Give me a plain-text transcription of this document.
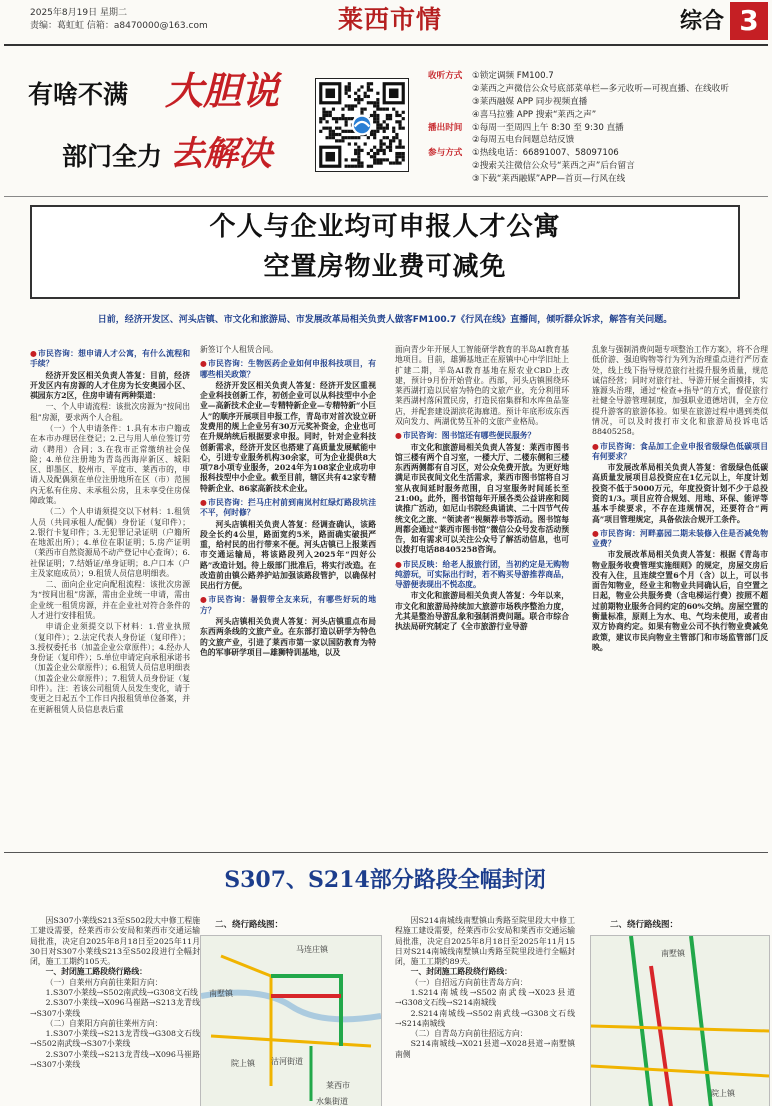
2025年8月19日 星期二
责编：葛虹虹 信箱：a8470000@163.com	莱西市情	综合 3
有啥不满 大胆说
部门全力 去解决
收听方式	①锁定调频 FM100.7
②莱西之声微信公众号底部菜单栏—多元收听—可视直播、在线收听
③莱西融媒 APP 同步视频直播
④喜马拉雅 APP 搜索“莱西之声”
播出时间	①每周一至周四上午 8:30 至 9:30 直播
②每周五电台间题总结反馈
参与方式	①热线电话：66891007、58097106
②搜索关注微信公众号“莱西之声”后台留言
③下载“莱西融媒”APP—首页—行风在线
个人与企业均可申报人才公寓
空置房物业费可减免
日前，经济开发区、河头店镇、市文化和旅游局、市发展改革局相关负责人做客FM100.7《行风在线》直播间，倾听群众诉求，解答有关问题。

● 市民咨询：想申请人才公寓，有什么流程和手续？

经济开发区相关负责人答复：目前，经济开发区内有房源的人才住房为长安奥园小区、祺园东方2区，住房申请有两种渠道：

一、个人申请流程：该批次房源为“按间出租”房源，要求两个人合租。

（一）个人申请条件：1.具有本市户籍或在本市办理居住登记；2.已与用人单位签订劳动（聘用）合同；3.在我市正常缴纳社会保险；4.单位注册地为青岛西海岸新区、城阳区、即墨区、胶州市、平度市、莱西市的，申请人及配偶须在单位注册地所在区（市）范围内无私有住房、未承租公房，且未享受住房保障政策。

（二）个人申请须提交以下材料：1.租赁人员（共同承租人/配偶）身份证（复印件）；2.银行卡复印件；3.无犯罪记录证明（户籍所在地派出所）；4.单位在职证明；5.房产证明（莱西市自然资源局不动产登记中心查询）；6.社保证明；7.结婚证/单身证明；8.户口本（户主及家庭成员）；9.租赁人员信息明细表。

二、面向企业定向配租流程：该批次房源为“按间出租”房源，需由企业统一申请，需由企业统一租赁房源，并在企业社对符合条件的人才进行安排租赁。

申请企业须提交以下材料：1.营业执照（复印件）；2.法定代表人身份证（复印件）；3.授权委托书（加盖企业公章原件）；4.经办人身份证（复印件）；5.单位申请定向承租承诺书（加盖企业公章原件）；6.租赁人员信息明细表（加盖企业公章原件）；7.租赁人员身份证（复印件）。注：若该公司租赁人员发生变化，请于变更之日起五个工作日内报租赁单位备案，并在更新租赁人员信息表后重

新签订个人租赁合同。

● 市民咨询：生物医药企业如何申报科技项目，有哪些相关政策？

经济开发区相关负责人答复：经济开发区重视企业科技创新工作，初创企业可以从科技型中小企业—高新技术企业—专精特新企业—专精特新“小巨人”的顺序开展项目申报工作，青岛市对首次设立研发费用的规上企业另有30万元奖补资金，企业也可在升规纳统后根据要求申报。同时，针对企业科技创新需求，经济开发区也搭建了高质量发展赋能中心，引进专业服务机构30余家，可为企业提供8大项78小项专业服务，2024年为108家企业成功申报科技型中小企业。截至目前，辖区共有42家专精特新企业、86家高新技术企业。

● 市民咨询：拦马庄村前到南岚村红绿灯路段坑洼不平，何时修？

河头店镇相关负责人答复：经调查确认，该路段全长约4公里，路面宽约5米，路面确实破损严重，给村民的出行带来不便。河头店镇已上报莱西市交通运输局，将该路段列入2025年“四好公路”改造计划。待上级部门批准后，将实行改造。在改造前由镇公路养护站加强该路段管护，以确保村民出行方便。

● 市民咨询：暑假带全友来玩，有哪些好玩的地方？

河头店镇相关负责人答复：河头店镇重点布局东西两条线的文旅产业。在东部打造以研学为特色的文旅产业，引进了莱西市第一家以国防教育为特色的军事研学项目—雄狮特训基地，以及

面向青少年开展人工智能研学教育的半岛AI教育基地项目。目前，雄狮基地正在原镇中心中学旧址上扩建二期，半岛AI教育基地在原农业CBD上改建，预计9月份开始营业。西部，河头店镇围绕环莱西湖打造以民宿为特色的文旅产业，充分利用环莱西湖村落闲置民房，打造民宿集群和水库鱼品鉴店，并配套建设湖滨花海廊道。预计年底形成东西双向发力、两湖优势互补的文旅产业格局。

● 市民咨询：图书馆还有哪些便民服务？

市文化和旅游局相关负责人答复：莱西市图书馆三楼有两个自习室，一楼大厅、二楼东侧和三楼东西两侧都有自习区，对公众免费开放。为更好地满足市民夜间文化生活需求，莱西市图书馆将自习室从夜间延时服务范围，自习室服务时间延长至21:00。此外，图书馆每年开展各类公益讲座和阅读推广活动，如尼山书院经典诵读、二十四节气传统文化之旅、“领读者”视频荐书等活动。图书馆每周都会通过“莱西市图书馆”微信公众号发布活动预告，如有需求可以关注公众号了解活动信息，也可以拨打电话88405258咨询。

● 市民反映：给老人报旅行团，当初约定是无购物纯游玩，可实际出行时，若不购买导游推荐商品，导游便表现出不悦态度。

市文化和旅游局相关负责人答复：今年以来，市文化和旅游局持续加大旅游市场秩序整治力度，尤其是整治导游乱象和强制消费问题。联合市综合执法局研究制定了《全市旅游行业导游

乱象与强制消费问题专项整治工作方案》，将不合理低价游、强迫购物等行为列为治理重点进行严厉查处，线上线下指导规范旅行社提升服务质量，规范诚信经营；同时对旅行社、导游开展全面摸排，实施源头治理，通过“检查+指导”的方式，督促旅行社健全导游管理制度，加强职业道德培训，全方位提升游客的旅游体验。如果在旅游过程中遇到类似情况，可以及时拨打市文化和旅游局投诉电话88405258。

● 市民咨询：食品加工企业申报省级绿色低碳项目有何要求？

市发展改革局相关负责人答复：省级绿色低碳高质量发展项目总投资应在1亿元以上，年度计划投资不低于5000万元，年度投资计划不少于总投资的1/3。项目应符合规划、用地、环保、能评等基本手续要求，不存在违规情况，还要符合“两高”项目管理规定，具备依法合规开工条件。

● 市民咨询：河畔嘉园二期未装修入住是否减免物业费？

市发展改革局相关负责人答复：根据《青岛市物业服务收费管理实施细则》的规定，房屋交房后没有入住，且连续空置6个月（含）以上，可以书面告知物业，经业主和物业共同确认后，自空置之日起，物业公共服务费（含电梯运行费）按照不超过前期物业服务合同约定的60%交纳。房屋空置的衡量标准，原则上为水、电、气均未使用，或者由双方协商约定。如果有物业公司不执行物业费减免政策，建议市民向物业主管部门和市场监管部门反映。

S307、S214部分路段全幅封闭

因S307小莱线S213至S502段大中修工程施工建设需要，经莱西市公安局和莱西市交通运输局批准，决定自2025年8月18日至2025年11月30日对S307小莱线S213至S502段进行全幅封闭，施工工期约105天。

一、封闭施工路段绕行路线：

（一）自莱州方向前往莱阳方向：

1.S307小莱线→S502南武线→G308文石线

2.S307小莱线→X096马崔路→S213龙青线→S307小莱线

（二）自莱阳方向前往莱州方向：

1.S307小莱线→S213龙青线→G308文石线→S502南武线→S307小莱线

2.S307小莱线→S213龙青线→X096马崔路→S307小莱线

二、绕行路线图：
马连庄镇
南墅镇
莱西市
沽河街道
院上镇
水集街道

因S214南城线南墅镇山秀路至院里段大中修工程施工建设需要，经莱西市公安局和莱西市交通运输局批准，决定自2025年8月18日至2025年11月15日对S214南城线南墅镇山秀路至院里段进行全幅封闭，施工工期约89天。

一、封闭施工路段绕行路线：

（一）自招远方向前往青岛方向：

1.S214南城线→S502南武线→X023县道→G308文石线→S214南城线

2.S214南城线→S502南武线→G308文石线→S214南城线

（二）自青岛方向前往招远方向：

S214南城线→X021县道→X028县道→南墅镇南侧

二、绕行路线图：
南墅镇
院上镇
